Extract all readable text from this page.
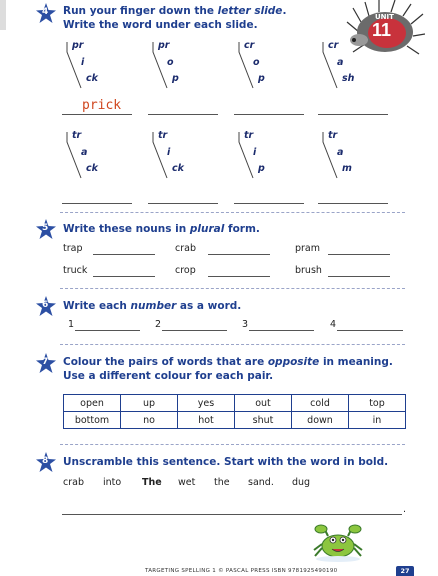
UNIT
11
4 Run your finger down the letter slide.
Write the word under each slide.
pr
i
ck
pr
o
p
cr
o
p
cr
a
sh
prick
tr
a
ck
tr
i
ck
tr
i
p
tr
a
m
5 Write these nouns in plural form.
trap	crab	pram
truck	crop	brush
6 Write each number as a word.
1	2	3	4
7 Colour the pairs of words that are opposite in meaning.
Use a different colour for each pair.
open	up	yes	out	cold	top
bottom	no	hot	shut	down	in
8 Unscramble this sentence. Start with the word in bold.
crab into The wet the sand. dug
.
TARGETING SPELLING 1 © PASCAL PRESS ISBN 9781925490190	27
